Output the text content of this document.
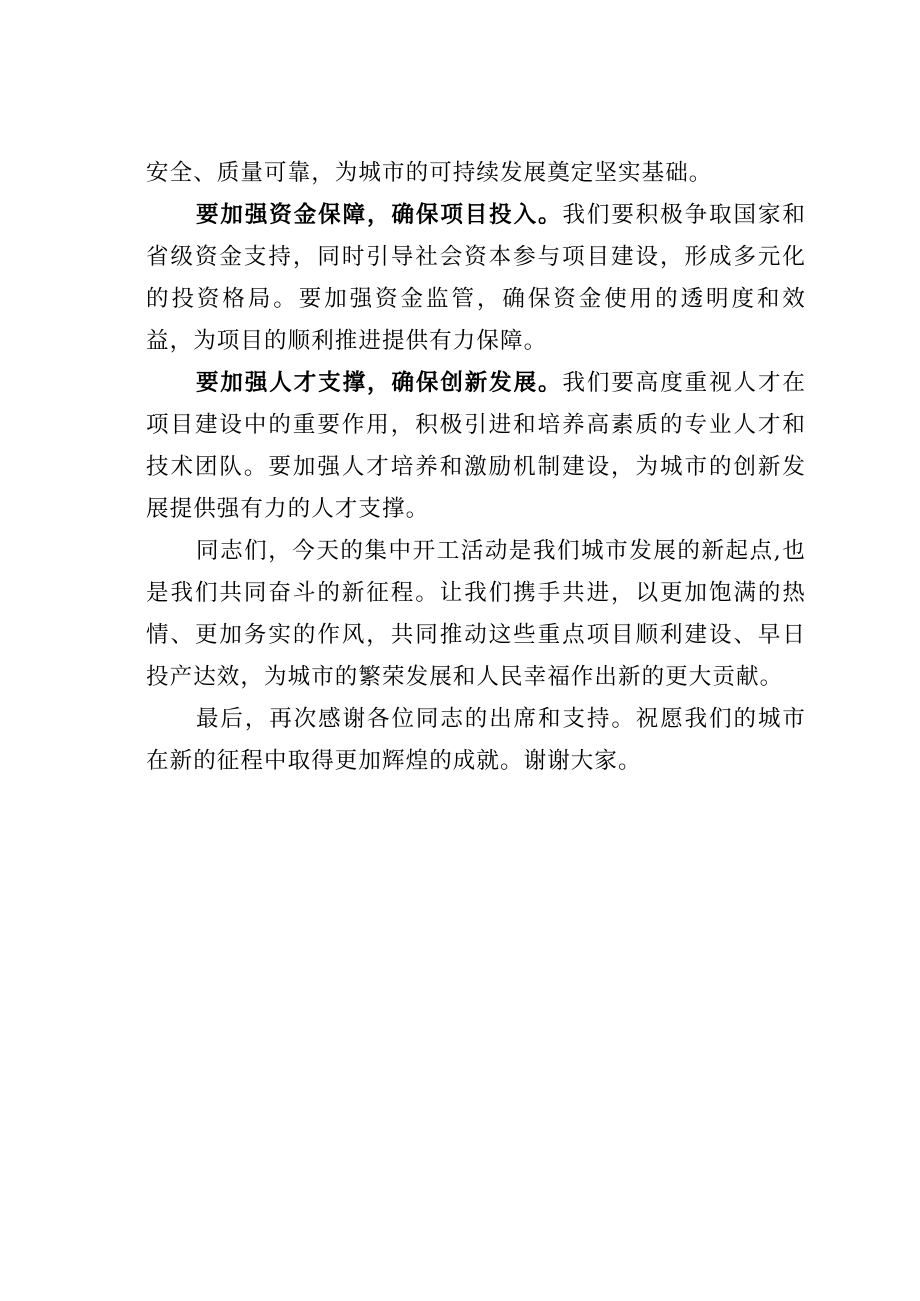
安全、质量可靠，为城市的可持续发展奠定坚实基础。

要加强资金保障，确保项目投入。我们要积极争取国家和省级资金支持，同时引导社会资本参与项目建设，形成多元化的投资格局。要加强资金监管，确保资金使用的透明度和效益，为项目的顺利推进提供有力保障。

要加强人才支撑，确保创新发展。我们要高度重视人才在项目建设中的重要作用，积极引进和培养高素质的专业人才和技术团队。要加强人才培养和激励机制建设，为城市的创新发展提供强有力的人才支撑。

同志们，今天的集中开工活动是我们城市发展的新起点,也是我们共同奋斗的新征程。让我们携手共进，以更加饱满的热情、更加务实的作风，共同推动这些重点项目顺利建设、早日投产达效，为城市的繁荣发展和人民幸福作出新的更大贡献。

最后，再次感谢各位同志的出席和支持。祝愿我们的城市在新的征程中取得更加辉煌的成就。谢谢大家。
